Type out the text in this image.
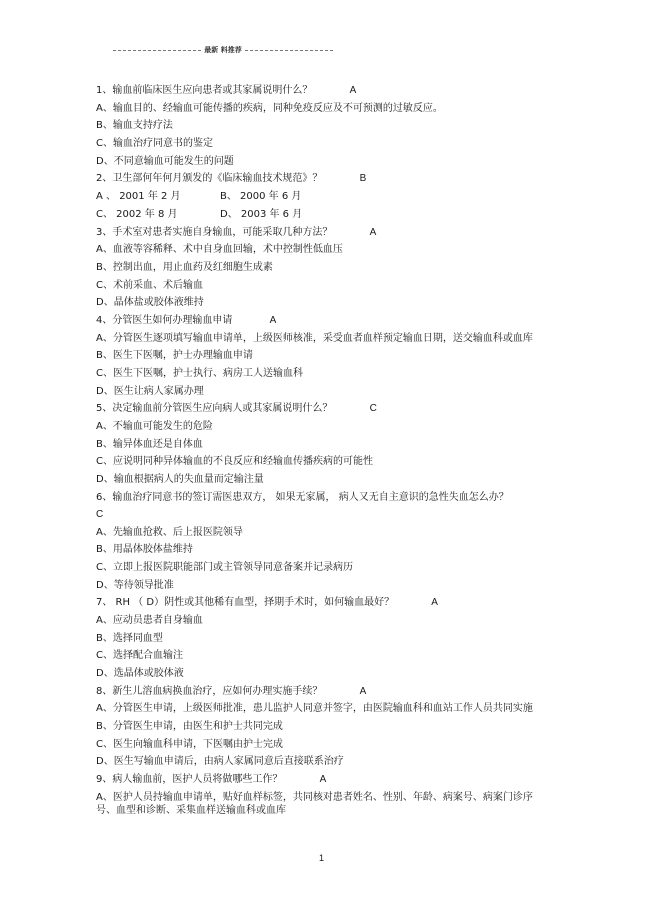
最新 料推荐
1、输血前临床医生应向患者或其家属说明什么？	A
A、输血目的、经输血可能传播的疾病，同种免疫反应及不可预测的过敏反应。
B、输血支持疗法
C、输血治疗同意书的鉴定
D、不同意输血可能发生的问题
2、卫生部何年何月颁发的《临床输血技术规范》？	B
A 、 2001 年 2 月	B、 2000 年 6 月
C、 2002 年 8 月	D、 2003 年 6 月
3、手术室对患者实施自身输血，可能采取几种方法？	A
A、血液等容稀释、术中自身血回输，术中控制性低血压
B、控制出血，用止血药及红细胞生成素
C、术前采血、术后输血
D、晶体盐或胶体液维持
4、分管医生如何办理输血申请	A
A、分管医生逐项填写输血申请单，上级医师核准，采受血者血样预定输血日期，送交输血科或血库
B、医生下医嘱，护士办理输血申请
C、医生下医嘱，护士执行、病房工人送输血科
D、医生让病人家属办理
5、决定输血前分管医生应向病人或其家属说明什么？	C
A、不输血可能发生的危险
B、输异体血还是自体血
C、应说明同种异体输血的不良反应和经输血传播疾病的可能性
D、输血根据病人的失血量而定输注量
6、输血治疗同意书的签订需医患双方， 如果无家属， 病人又无自主意识的急性失血怎么办？
C
A、先输血抢救、后上报医院领导
B、用晶体胶体盐维持
C、立即上报医院职能部门或主管领导同意备案并记录病历
D、等待领导批准
7、 RH （ D）阴性或其他稀有血型，择期手术时，如何输血最好？	A
A、应动员患者自身输血
B、选择同血型
C、选择配合血输注
D、选晶体或胶体液
8、新生儿溶血病换血治疗，应如何办理实施手续？	A
A、分管医生申请，上级医师批准，患儿监护人同意并签字，由医院输血科和血站工作人员共同实施
B、分管医生申请，由医生和护士共同完成
C、医生向输血科申请，下医嘱由护士完成
D、医生写输血申请后，由病人家属同意后直接联系治疗
9、病人输血前，医护人员将做哪些工作？	A
A、医护人员持输血申请单，贴好血样标签，共同核对患者姓名、性别、年龄、病案号、病案门诊序号、血型和诊断、采集血样送输血科或血库
1
